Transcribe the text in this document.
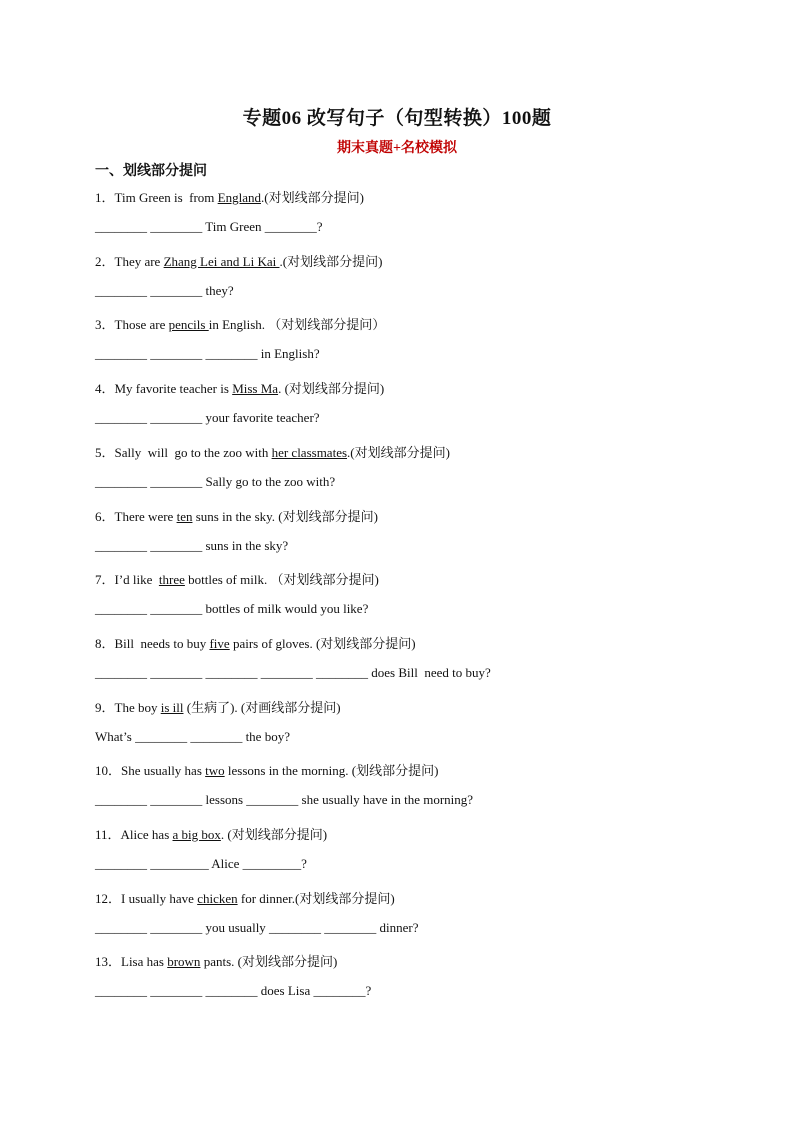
专题06 改写句子（句型转换）100题
期末真题+名校模拟
一、划线部分提问
1．Tim Green is  from England.(对划线部分提问)
________ ________ Tim Green ________?
2．They are Zhang Lei and Li Kai .(对划线部分提问)
________ ________ they?
3．Those are pencils in English. （对划线部分提问）
________ ________ ________ in English?
4．My favorite teacher is Miss Ma. (对划线部分提问)
________ ________ your favorite teacher?
5．Sally  will  go to the zoo with her classmates.(对划线部分提问)
________ ________ Sally go to the zoo with?
6．There were ten suns in the sky. (对划线部分提问)
________ ________ suns in the sky?
7．I’d like  three bottles of milk. （对划线部分提问)
________ ________ bottles of milk would you like?
8．Bill  needs to buy five pairs of gloves. (对划线部分提问)
________ ________ ________ ________ ________ does Bill  need to buy?
9．The boy is ill (生病了). (对画线部分提问)
What’s ________ ________ the boy?
10．She usually has two lessons in the morning. (划线部分提问)
________ ________ lessons ________ she usually have in the morning?
11．Alice has a big box. (对划线部分提问)
________ _________ Alice _________?
12．I usually have chicken for dinner.(对划线部分提问)
________ ________ you usually ________ ________ dinner?
13．Lisa has brown pants. (对划线部分提问)
________ ________ ________ does Lisa ________?
